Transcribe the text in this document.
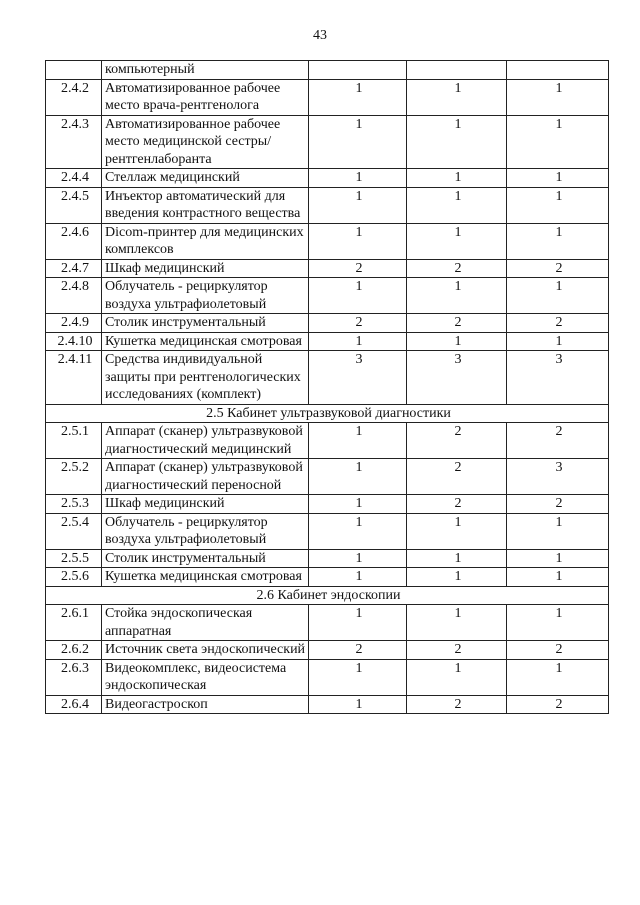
43
	компьютерный			
2.4.2	Автоматизированное рабочее место врача-рентгенолога	1	1	1
2.4.3	Автоматизированное рабочее место медицинской сестры/рентгенлаборанта	1	1	1
2.4.4	Стеллаж медицинский	1	1	1
2.4.5	Инъектор автоматический для введения контрастного вещества	1	1	1
2.4.6	Dicom-принтер для медицинских комплексов	1	1	1
2.4.7	Шкаф медицинский	2	2	2
2.4.8	Облучатель - рециркулятор воздуха ультрафиолетовый	1	1	1
2.4.9	Столик инструментальный	2	2	2
2.4.10	Кушетка медицинская смотровая	1	1	1
2.4.11	Средства индивидуальной защиты при рентгенологических исследованиях (комплект)	3	3	3
2.5 Кабинет ультразвуковой диагностики				
2.5.1	Аппарат (сканер) ультразвуковой диагностический медицинский	1	2	2
2.5.2	Аппарат (сканер) ультразвуковой диагностический переносной	1	2	3
2.5.3	Шкаф медицинский	1	2	2
2.5.4	Облучатель - рециркулятор воздуха ультрафиолетовый	1	1	1
2.5.5	Столик инструментальный	1	1	1
2.5.6	Кушетка медицинская смотровая	1	1	1
2.6 Кабинет эндоскопии				
2.6.1	Стойка эндоскопическая аппаратная	1	1	1
2.6.2	Источник света эндоскопический	2	2	2
2.6.3	Видеокомплекс, видеосистема эндоскопическая	1	1	1
2.6.4	Видеогастроскоп	1	2	2
